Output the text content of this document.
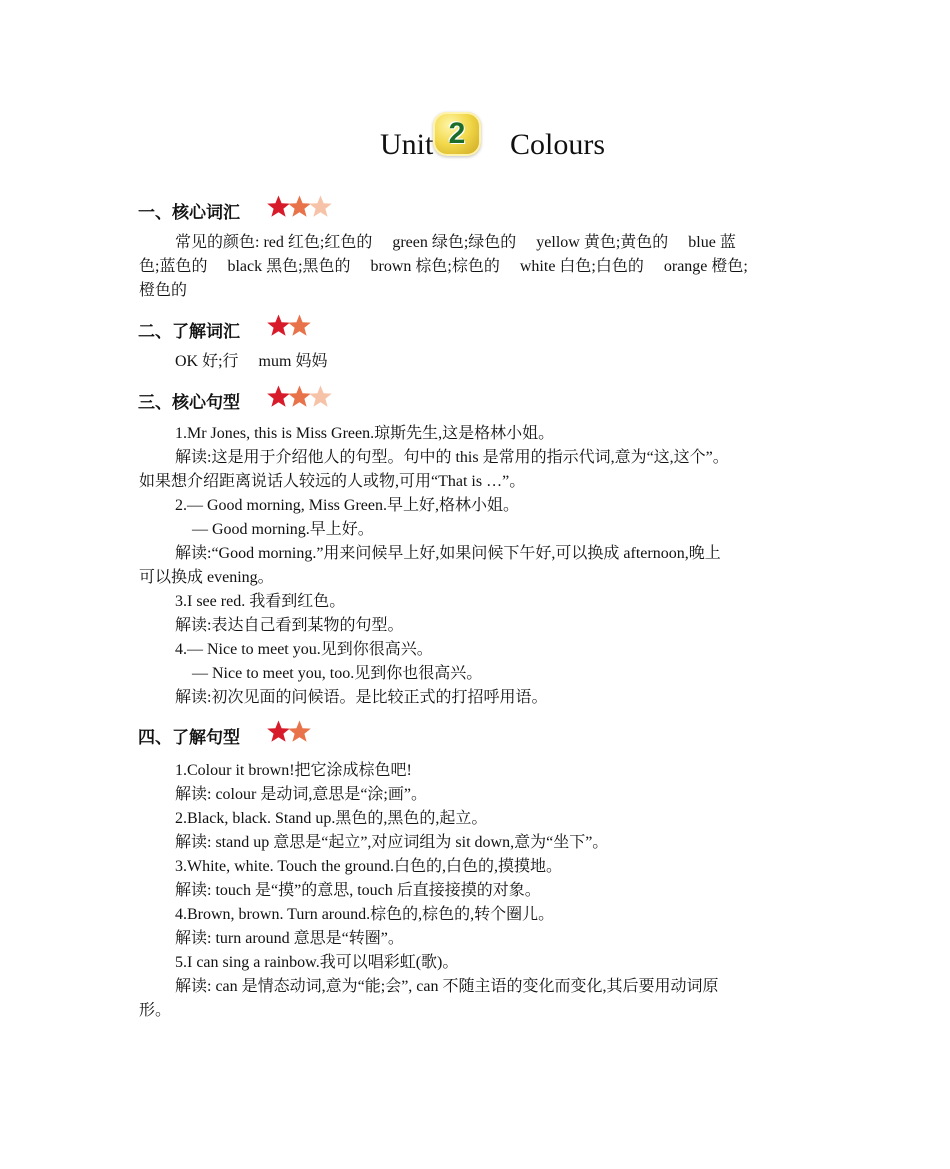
Unit 2	Colours
一、核心词汇
常见的颜色: red 红色;红色的 　green 绿色;绿色的 　yellow 黄色;黄色的 　blue 蓝
色;蓝色的 　black 黑色;黑色的 　brown 棕色;棕色的 　white 白色;白色的 　orange 橙色;
橙色的
二、了解词汇
OK 好;行 　mum 妈妈
三、核心句型
1.Mr Jones, this is Miss Green.琼斯先生,这是格林小姐。
解读:这是用于介绍他人的句型。句中的 this 是常用的指示代词,意为“这,这个”。
如果想介绍距离说话人较远的人或物,可用“That is …”。
2.— Good morning, Miss Green.早上好,格林小姐。
— Good morning.早上好。
解读:“Good morning.”用来问候早上好,如果问候下午好,可以换成 afternoon,晚上
可以换成 evening。
3.I see red. 我看到红色。
解读:表达自己看到某物的句型。
4.— Nice to meet you.见到你很高兴。
— Nice to meet you, too.见到你也很高兴。
解读:初次见面的问候语。是比较正式的打招呼用语。
四、了解句型
1.Colour it brown!把它涂成棕色吧!
解读: colour 是动词,意思是“涂;画”。
2.Black, black. Stand up.黑色的,黑色的,起立。
解读: stand up 意思是“起立”,对应词组为 sit down,意为“坐下”。
3.White, white. Touch the ground.白色的,白色的,摸摸地。
解读: touch 是“摸”的意思, touch 后直接接摸的对象。
4.Brown, brown. Turn around.棕色的,棕色的,转个圈儿。
解读: turn around 意思是“转圈”。
5.I can sing a rainbow.我可以唱彩虹(歌)。
解读: can 是情态动词,意为“能;会”, can 不随主语的变化而变化,其后要用动词原
形。
